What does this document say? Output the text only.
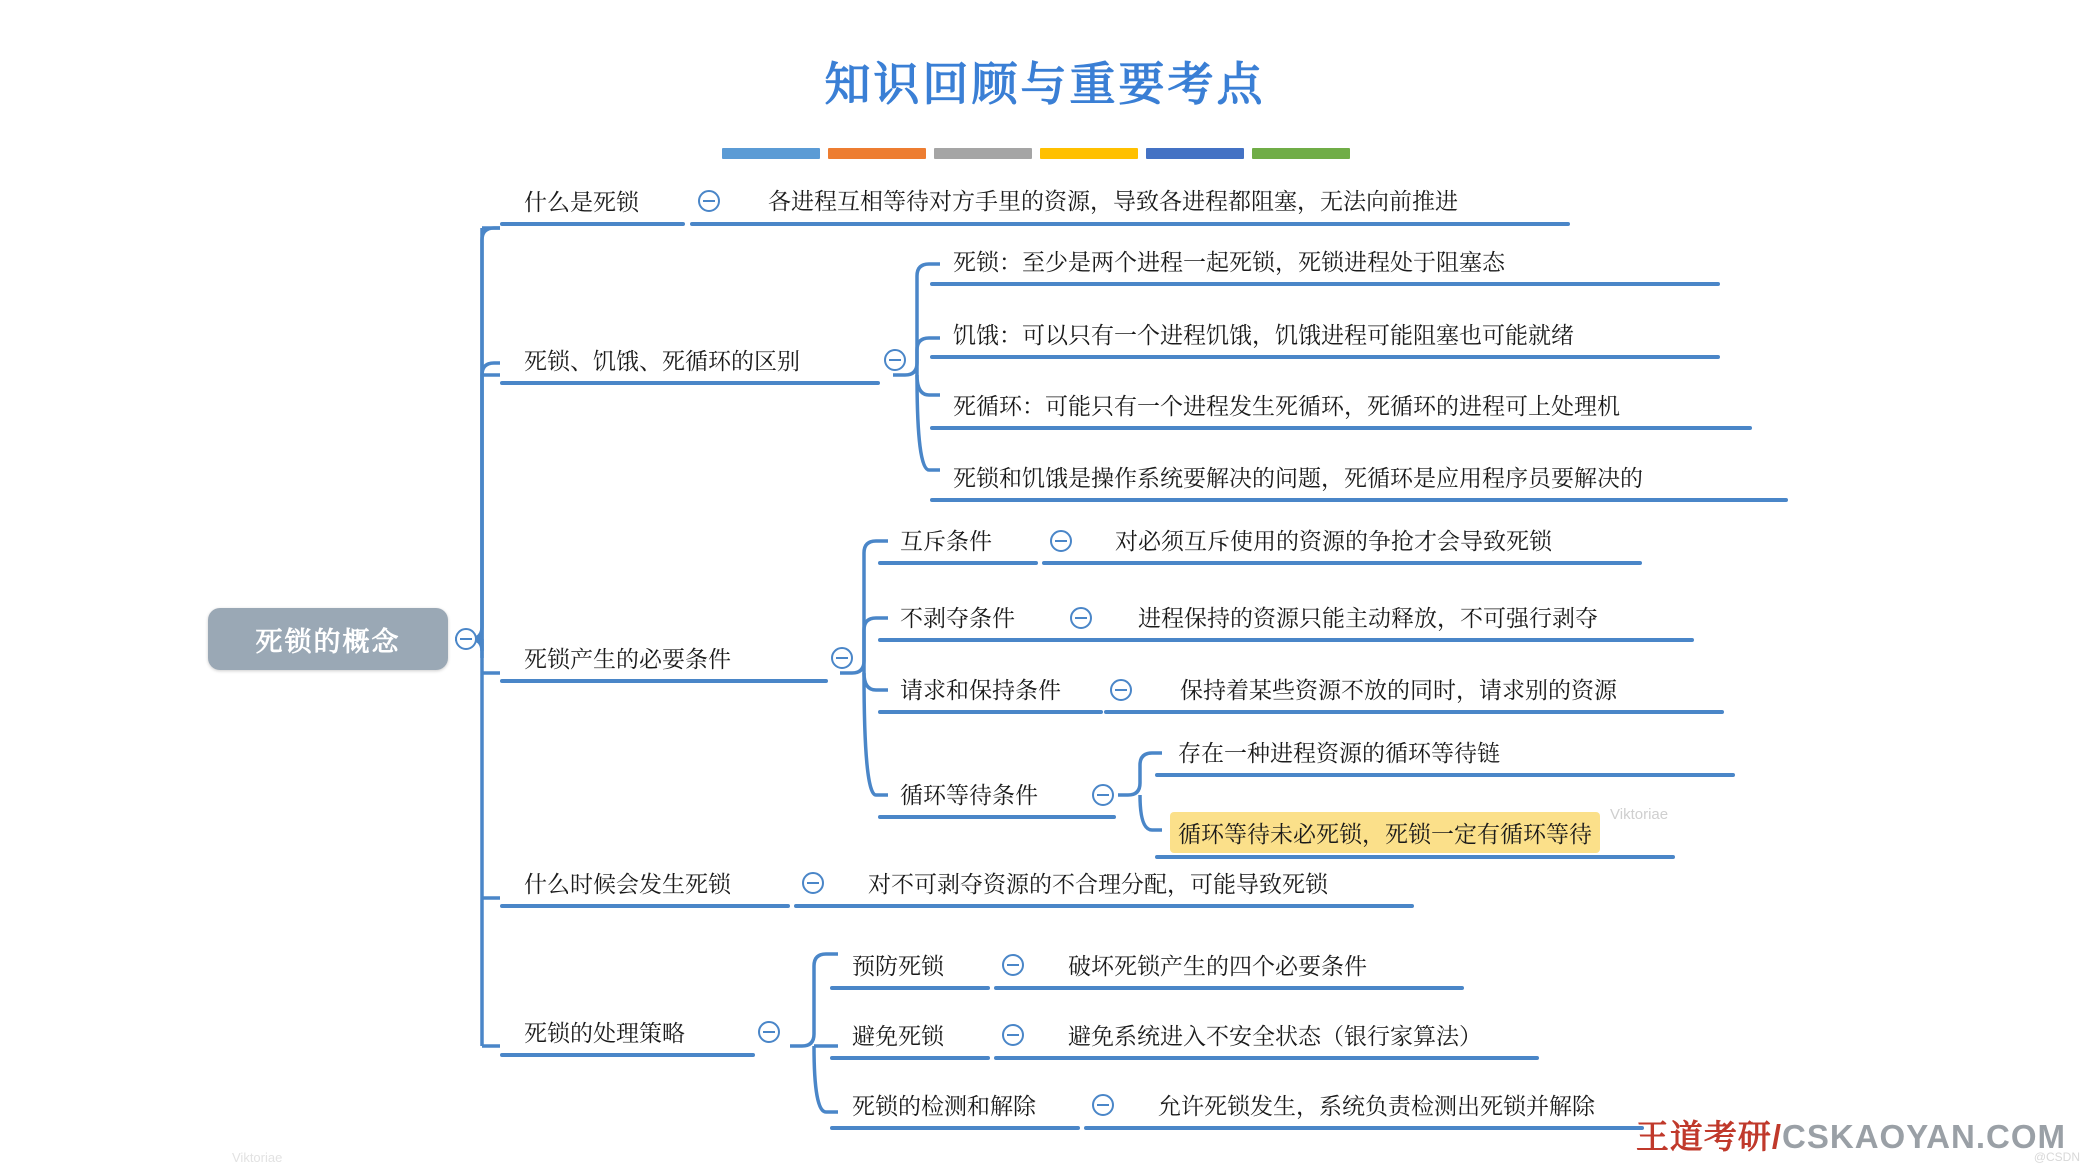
知识回顾与重要考点
死锁的概念
什么是死锁	各进程互相等待对方手里的资源，导致各进程都阻塞，无法向前推进
死锁、饥饿、死循环的区别
死锁：至少是两个进程一起死锁，死锁进程处于阻塞态
饥饿：可以只有一个进程饥饿，饥饿进程可能阻塞也可能就绪
死循环：可能只有一个进程发生死循环，死循环的进程可上处理机
死锁和饥饿是操作系统要解决的问题，死循环是应用程序员要解决的
死锁产生的必要条件
互斥条件	对必须互斥使用的资源的争抢才会导致死锁
不剥夺条件	进程保持的资源只能主动释放，不可强行剥夺
请求和保持条件	保持着某些资源不放的同时，请求别的资源
循环等待条件
存在一种进程资源的循环等待链
循环等待未必死锁，死锁一定有循环等待
什么时候会发生死锁	对不可剥夺资源的不合理分配，可能导致死锁
死锁的处理策略
预防死锁	破坏死锁产生的四个必要条件
避免死锁	避免系统进入不安全状态（银行家算法）
死锁的检测和解除	允许死锁发生，系统负责检测出死锁并解除
王道考研/CSKAOYAN.COM
Viktoriae
Viktoriae	@CSDN
